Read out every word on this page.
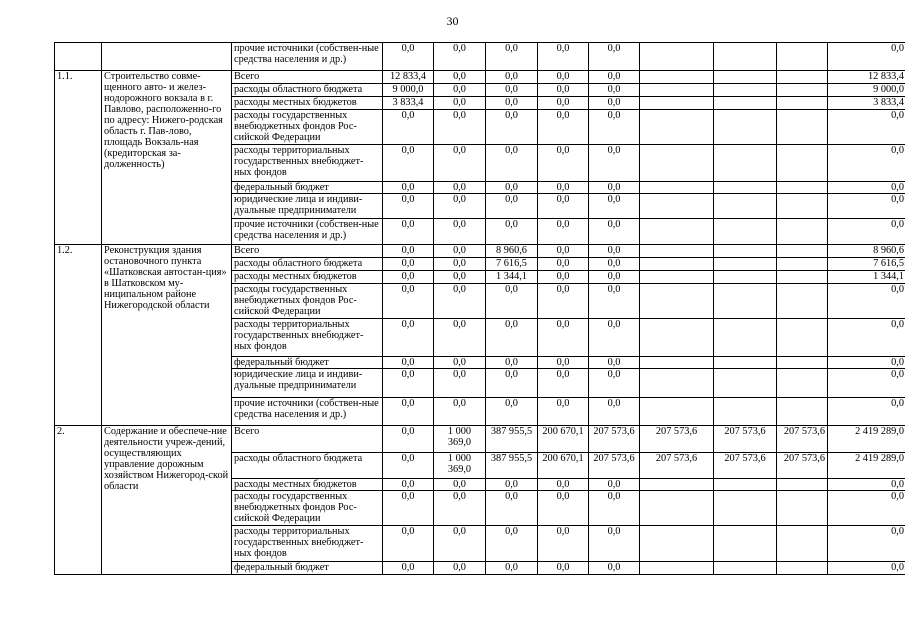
30
		прочие источники (собствен-ные средства населения и др.)	0,0	0,0	0,0	0,0	0,0				0,0
1.1.	Строительство совме-щенного авто- и желез-нодорожного вокзала в г. Павлово, расположенно-го по адресу: Нижего-родская область г. Пав-лово, площадь Вокзаль-ная (кредиторская за-долженность)	Всего	12 833,4	0,0	0,0	0,0	0,0				12 833,4
		расходы областного бюджета	9 000,0	0,0	0,0	0,0	0,0				9 000,0
		расходы местных бюджетов	3 833,4	0,0	0,0	0,0	0,0				3 833,4
		расходы государственных внебюджетных фондов Рос-сийской Федерации	0,0	0,0	0,0	0,0	0,0				0,0
		расходы территориальных государственных внебюджет-ных фондов	0,0	0,0	0,0	0,0	0,0				0,0
		федеральный бюджет	0,0	0,0	0,0	0,0	0,0				0,0
		юридические лица и индиви-дуальные предприниматели	0,0	0,0	0,0	0,0	0,0				0,0
		прочие источники (собствен-ные средства населения и др.)	0,0	0,0	0,0	0,0	0,0				0,0
1.2.	Реконструкция здания остановочного пункта «Шатковская автостан-ция» в Шатковском му-ниципальном районе Нижегородской области	Всего	0,0	0,0	8 960,6	0,0	0,0				8 960,6
		расходы областного бюджета	0,0	0,0	7 616,5	0,0	0,0				7 616,5
		расходы местных бюджетов	0,0	0,0	1 344,1	0,0	0,0				1 344,1
		расходы государственных внебюджетных фондов Рос-сийской Федерации	0,0	0,0	0,0	0,0	0,0				0,0
		расходы территориальных государственных внебюджет-ных фондов	0,0	0,0	0,0	0,0	0,0				0,0
		федеральный бюджет	0,0	0,0	0,0	0,0	0,0				0,0
		юридические лица и индиви-дуальные предприниматели	0,0	0,0	0,0	0,0	0,0				0,0
		прочие источники (собствен-ные средства населения и др.)	0,0	0,0	0,0	0,0	0,0				0,0
2.	Содержание и обеспече-ние деятельности учреж-дений, осуществляющих управление дорожным хозяйством Нижегород-ской области	Всего	0,0	1 000 369,0	387 955,5	200 670,1	207 573,6	207 573,6	207 573,6	207 573,6	2 419 289,0
		расходы областного бюджета	0,0	1 000 369,0	387 955,5	200 670,1	207 573,6	207 573,6	207 573,6	207 573,6	2 419 289,0
		расходы местных бюджетов	0,0	0,0	0,0	0,0	0,0				0,0
		расходы государственных внебюджетных фондов Рос-сийской Федерации	0,0	0,0	0,0	0,0	0,0				0,0
		расходы территориальных государственных внебюджет-ных фондов	0,0	0,0	0,0	0,0	0,0				0,0
		федеральный бюджет	0,0	0,0	0,0	0,0	0,0				0,0
